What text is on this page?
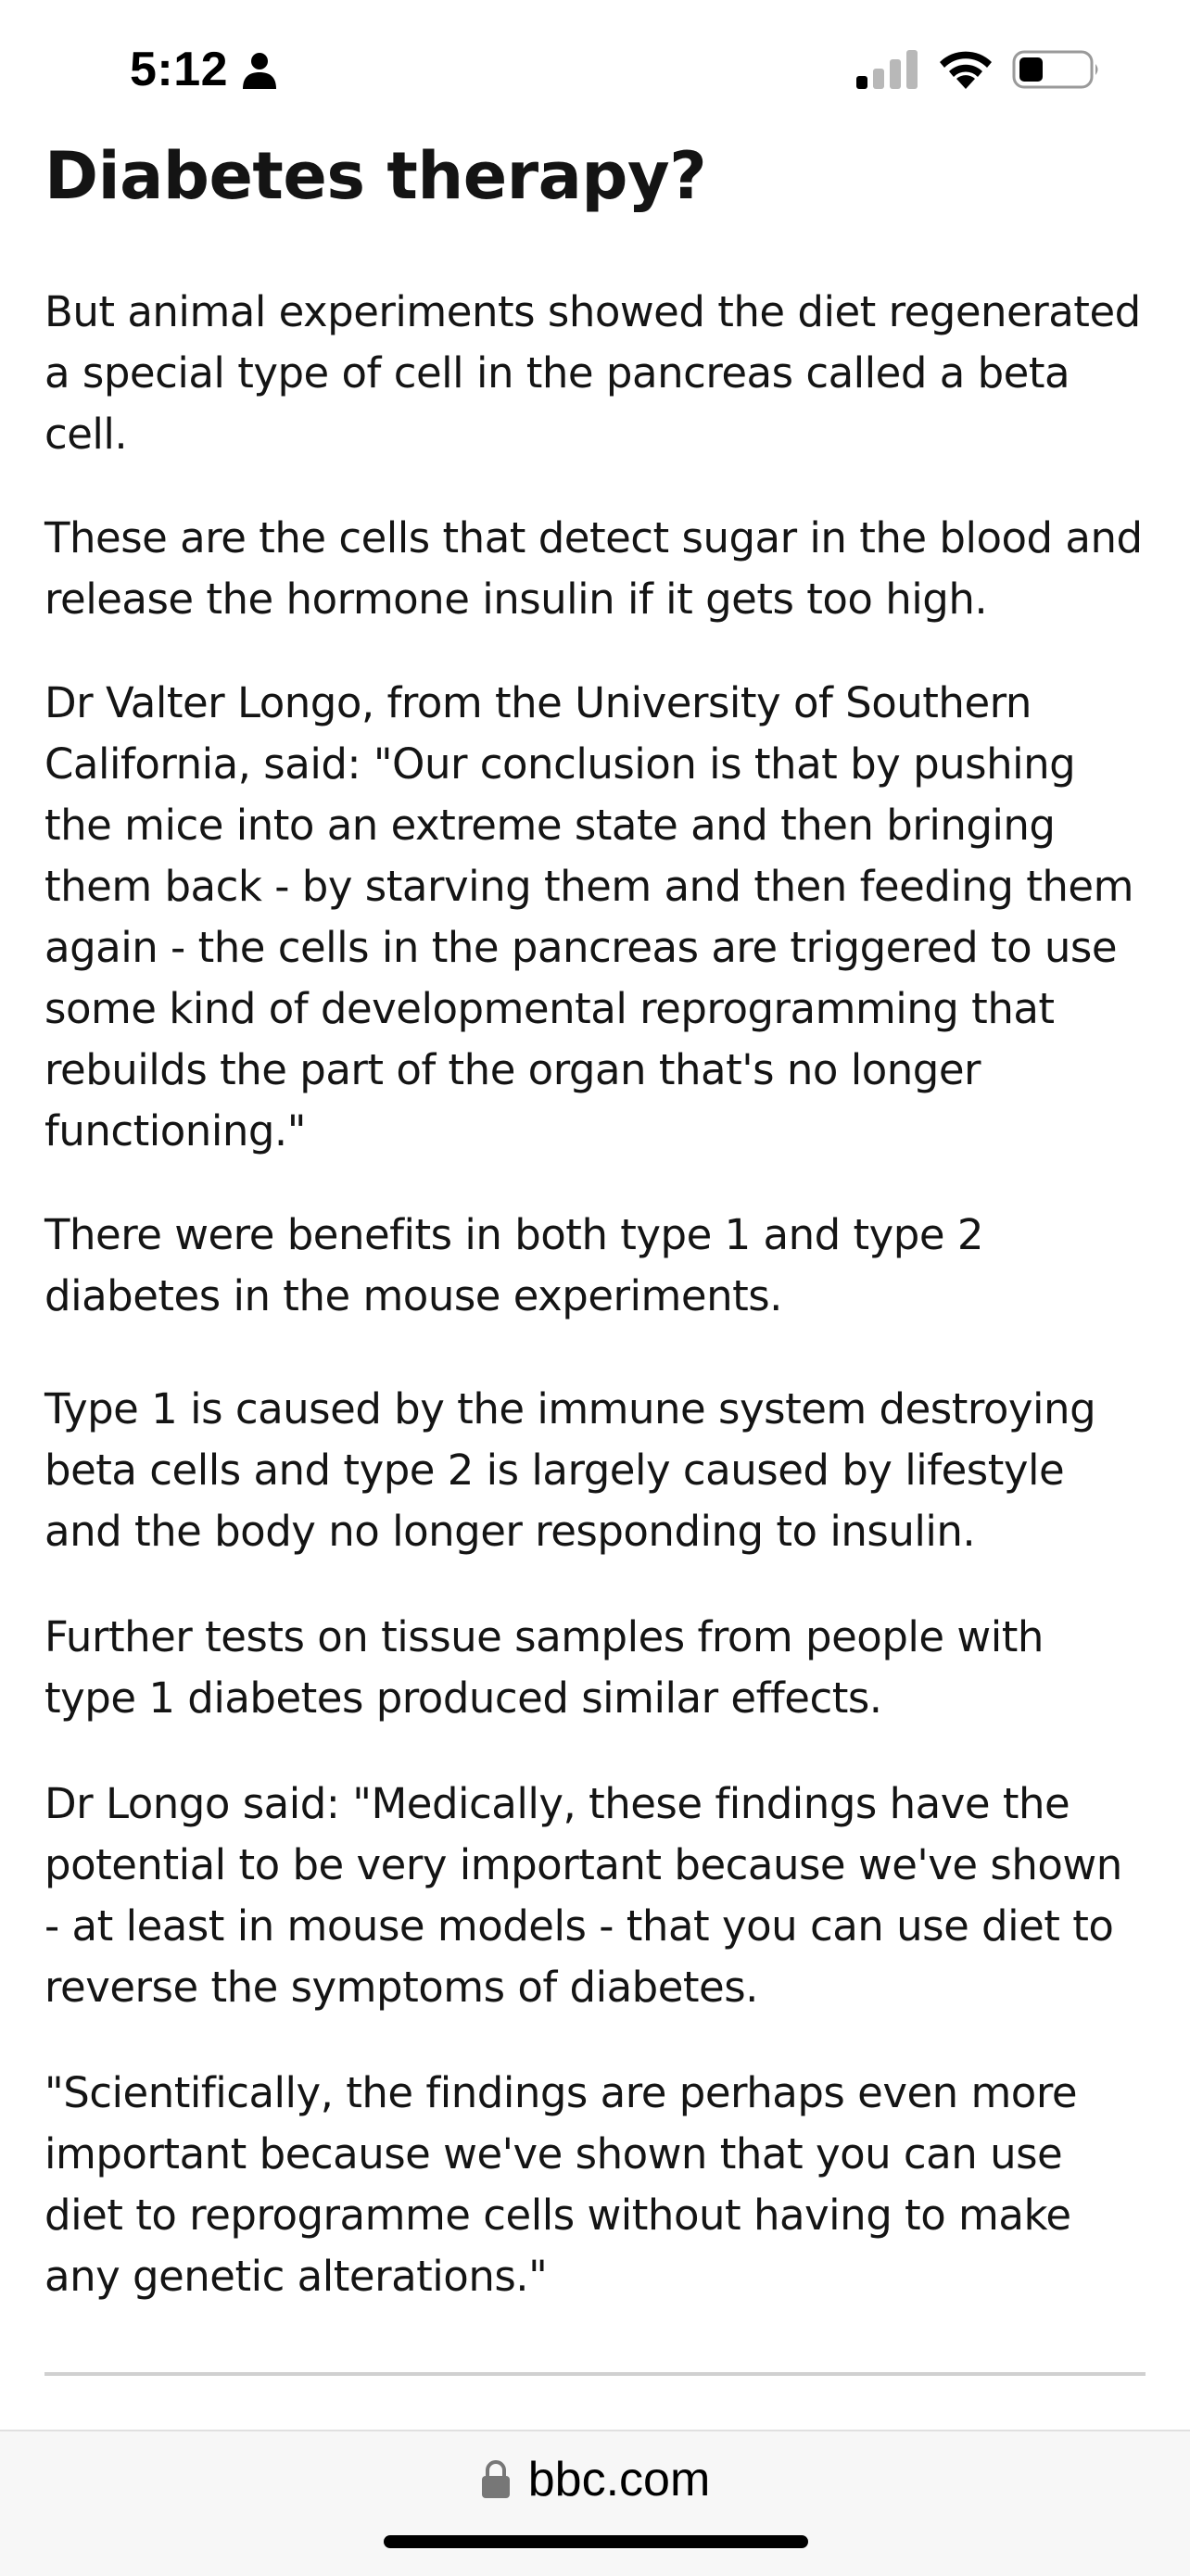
5:12
Diabetes therapy?

But animal experiments showed the diet regenerated a special type of cell in the pancreas called a beta cell.

These are the cells that detect sugar in the blood and release the hormone insulin if it gets too high.

Dr Valter Longo, from the University of Southern California, said: "Our conclusion is that by pushing the mice into an extreme state and then bringing them back - by starving them and then feeding them again - the cells in the pancreas are triggered to use some kind of developmental reprogramming that rebuilds the part of the organ that's no longer functioning."

There were benefits in both type 1 and type 2 diabetes in the mouse experiments.

Type 1 is caused by the immune system destroying beta cells and type 2 is largely caused by lifestyle and the body no longer responding to insulin.

Further tests on tissue samples from people with type 1 diabetes produced similar effects.

Dr Longo said: "Medically, these findings have the potential to be very important because we've shown - at least in mouse models - that you can use diet to reverse the symptoms of diabetes.

"Scientifically, the findings are perhaps even more important because we've shown that you can use diet to reprogramme cells without having to make any genetic alterations."

bbc.com
